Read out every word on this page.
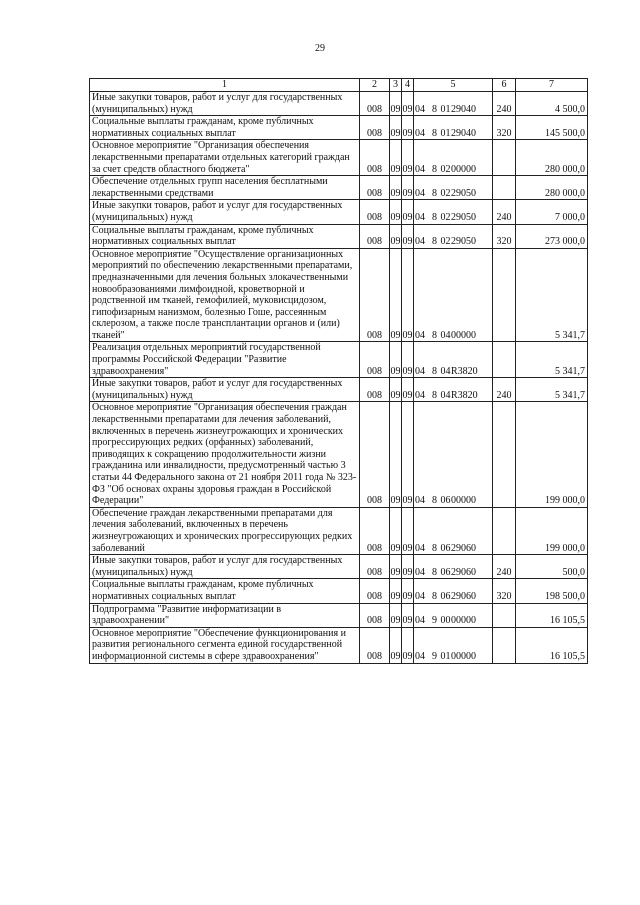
29
1	2	3	4	5	6	7

Иные закупки товаров, работ и услуг для государственных (муниципальных) нужд	008	09	09	04 8 0129040	240	4 500,0

Социальные выплаты гражданам, кроме публичных нормативных социальных выплат	008	09	09	04 8 0129040	320	145 500,0

Основное мероприятие "Организация обеспечения лекарственными препаратами отдельных категорий граждан за счет средств областного бюджета"	008	09	09	04 8 0200000		280 000,0

Обеспечение отдельных групп населения бесплатными лекарственными средствами	008	09	09	04 8 0229050		280 000,0

Иные закупки товаров, работ и услуг для государственных (муниципальных) нужд	008	09	09	04 8 0229050	240	7 000,0

Социальные выплаты гражданам, кроме публичных нормативных социальных выплат	008	09	09	04 8 0229050	320	273 000,0

Основное мероприятие "Осуществление организационных мероприятий по обеспечению лекарственными препаратами, предназначенными для лечения больных злокачественными новообразованиями лимфоидной, кроветворной и родственной им тканей, гемофилией, муковисцидозом, гипофизарным нанизмом, болезнью Гоше, рассеянным склерозом, а также после трансплантации органов и (или) тканей"	008	09	09	04 8 0400000		5 341,7

Реализация отдельных мероприятий государственной программы Российской Федерации "Развитие здравоохранения"	008	09	09	04 8 04R3820		5 341,7

Иные закупки товаров, работ и услуг для государственных (муниципальных) нужд	008	09	09	04 8 04R3820	240	5 341,7

Основное мероприятие "Организация обеспечения граждан лекарственными препаратами для лечения заболеваний, включенных в перечень жизнеугрожающих и хронических прогрессирующих редких (орфанных) заболеваний, приводящих к сокращению продолжительности жизни гражданина или инвалидности, предусмотренный частью 3 статьи 44 Федерального закона от 21 ноября 2011 года № 323-ФЗ "Об основах охраны здоровья граждан в Российской Федерации"	008	09	09	04 8 0600000		199 000,0

Обеспечение граждан лекарственными препаратами для лечения заболеваний, включенных в перечень жизнеугрожающих и хронических прогрессирующих редких заболеваний	008	09	09	04 8 0629060		199 000,0

Иные закупки товаров, работ и услуг для государственных (муниципальных) нужд	008	09	09	04 8 0629060	240	500,0

Социальные выплаты гражданам, кроме публичных нормативных социальных выплат	008	09	09	04 8 0629060	320	198 500,0

Подпрограмма "Развитие информатизации в здравоохранении"	008	09	09	04 9 0000000		16 105,5

Основное мероприятие "Обеспечение функционирования и развития регионального сегмента единой государственной информационной системы в сфере здравоохранения"	008	09	09	04 9 0100000		16 105,5
